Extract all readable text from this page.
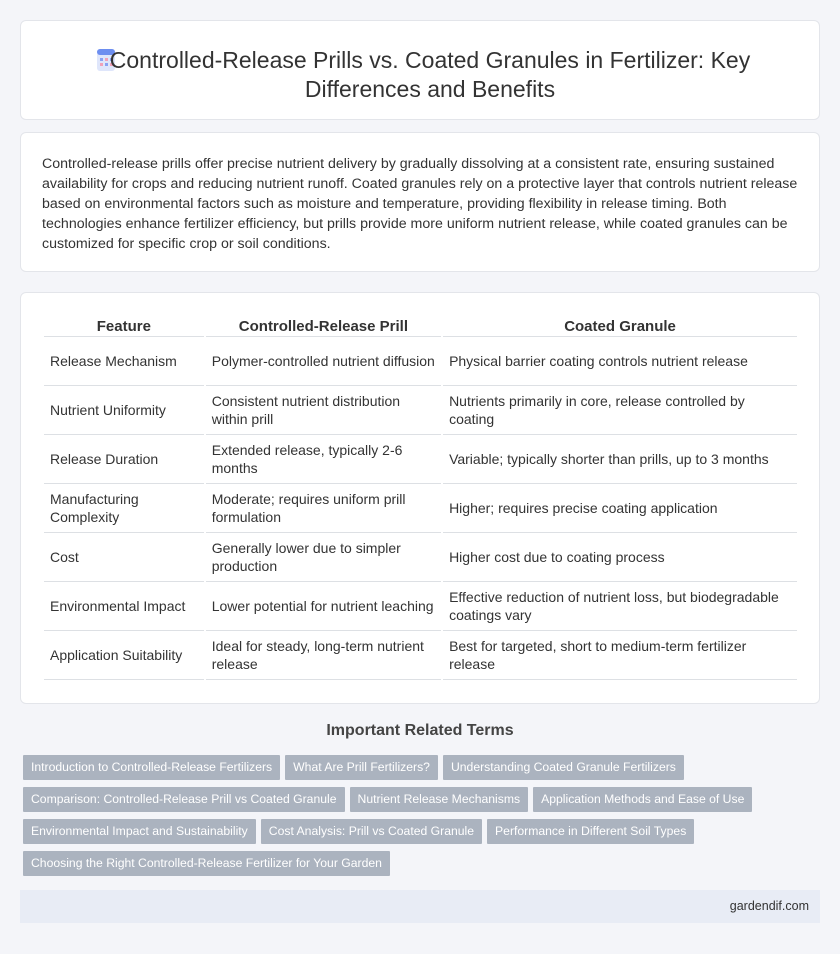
Controlled-Release Prills vs. Coated Granules in Fertilizer: Key Differences and Benefits

Controlled-release prills offer precise nutrient delivery by gradually dissolving at a consistent rate, ensuring sustained availability for crops and reducing nutrient runoff. Coated granules rely on a protective layer that controls nutrient release based on environmental factors such as moisture and temperature, providing flexibility in release timing. Both technologies enhance fertilizer efficiency, but prills provide more uniform nutrient release, while coated granules can be customized for specific crop or soil conditions.

Feature	Controlled-Release Prill	Coated Granule
Release Mechanism	Polymer-controlled nutrient diffusion	Physical barrier coating controls nutrient release
Nutrient Uniformity	Consistent nutrient distribution within prill	Nutrients primarily in core, release controlled by coating
Release Duration	Extended release, typically 2-6 months	Variable; typically shorter than prills, up to 3 months
Manufacturing Complexity	Moderate; requires uniform prill formulation	Higher; requires precise coating application
Cost	Generally lower due to simpler production	Higher cost due to coating process
Environmental Impact	Lower potential for nutrient leaching	Effective reduction of nutrient loss, but biodegradable coatings vary
Application Suitability	Ideal for steady, long-term nutrient release	Best for targeted, short to medium-term fertilizer release
Important Related Terms
Introduction to Controlled-Release Fertilizers What Are Prill Fertilizers? Understanding Coated Granule Fertilizers
Comparison: Controlled-Release Prill vs Coated Granule Nutrient Release Mechanisms Application Methods and Ease of Use
Environmental Impact and Sustainability Cost Analysis: Prill vs Coated Granule Performance in Different Soil Types
Choosing the Right Controlled-Release Fertilizer for Your Garden
gardendif.com
